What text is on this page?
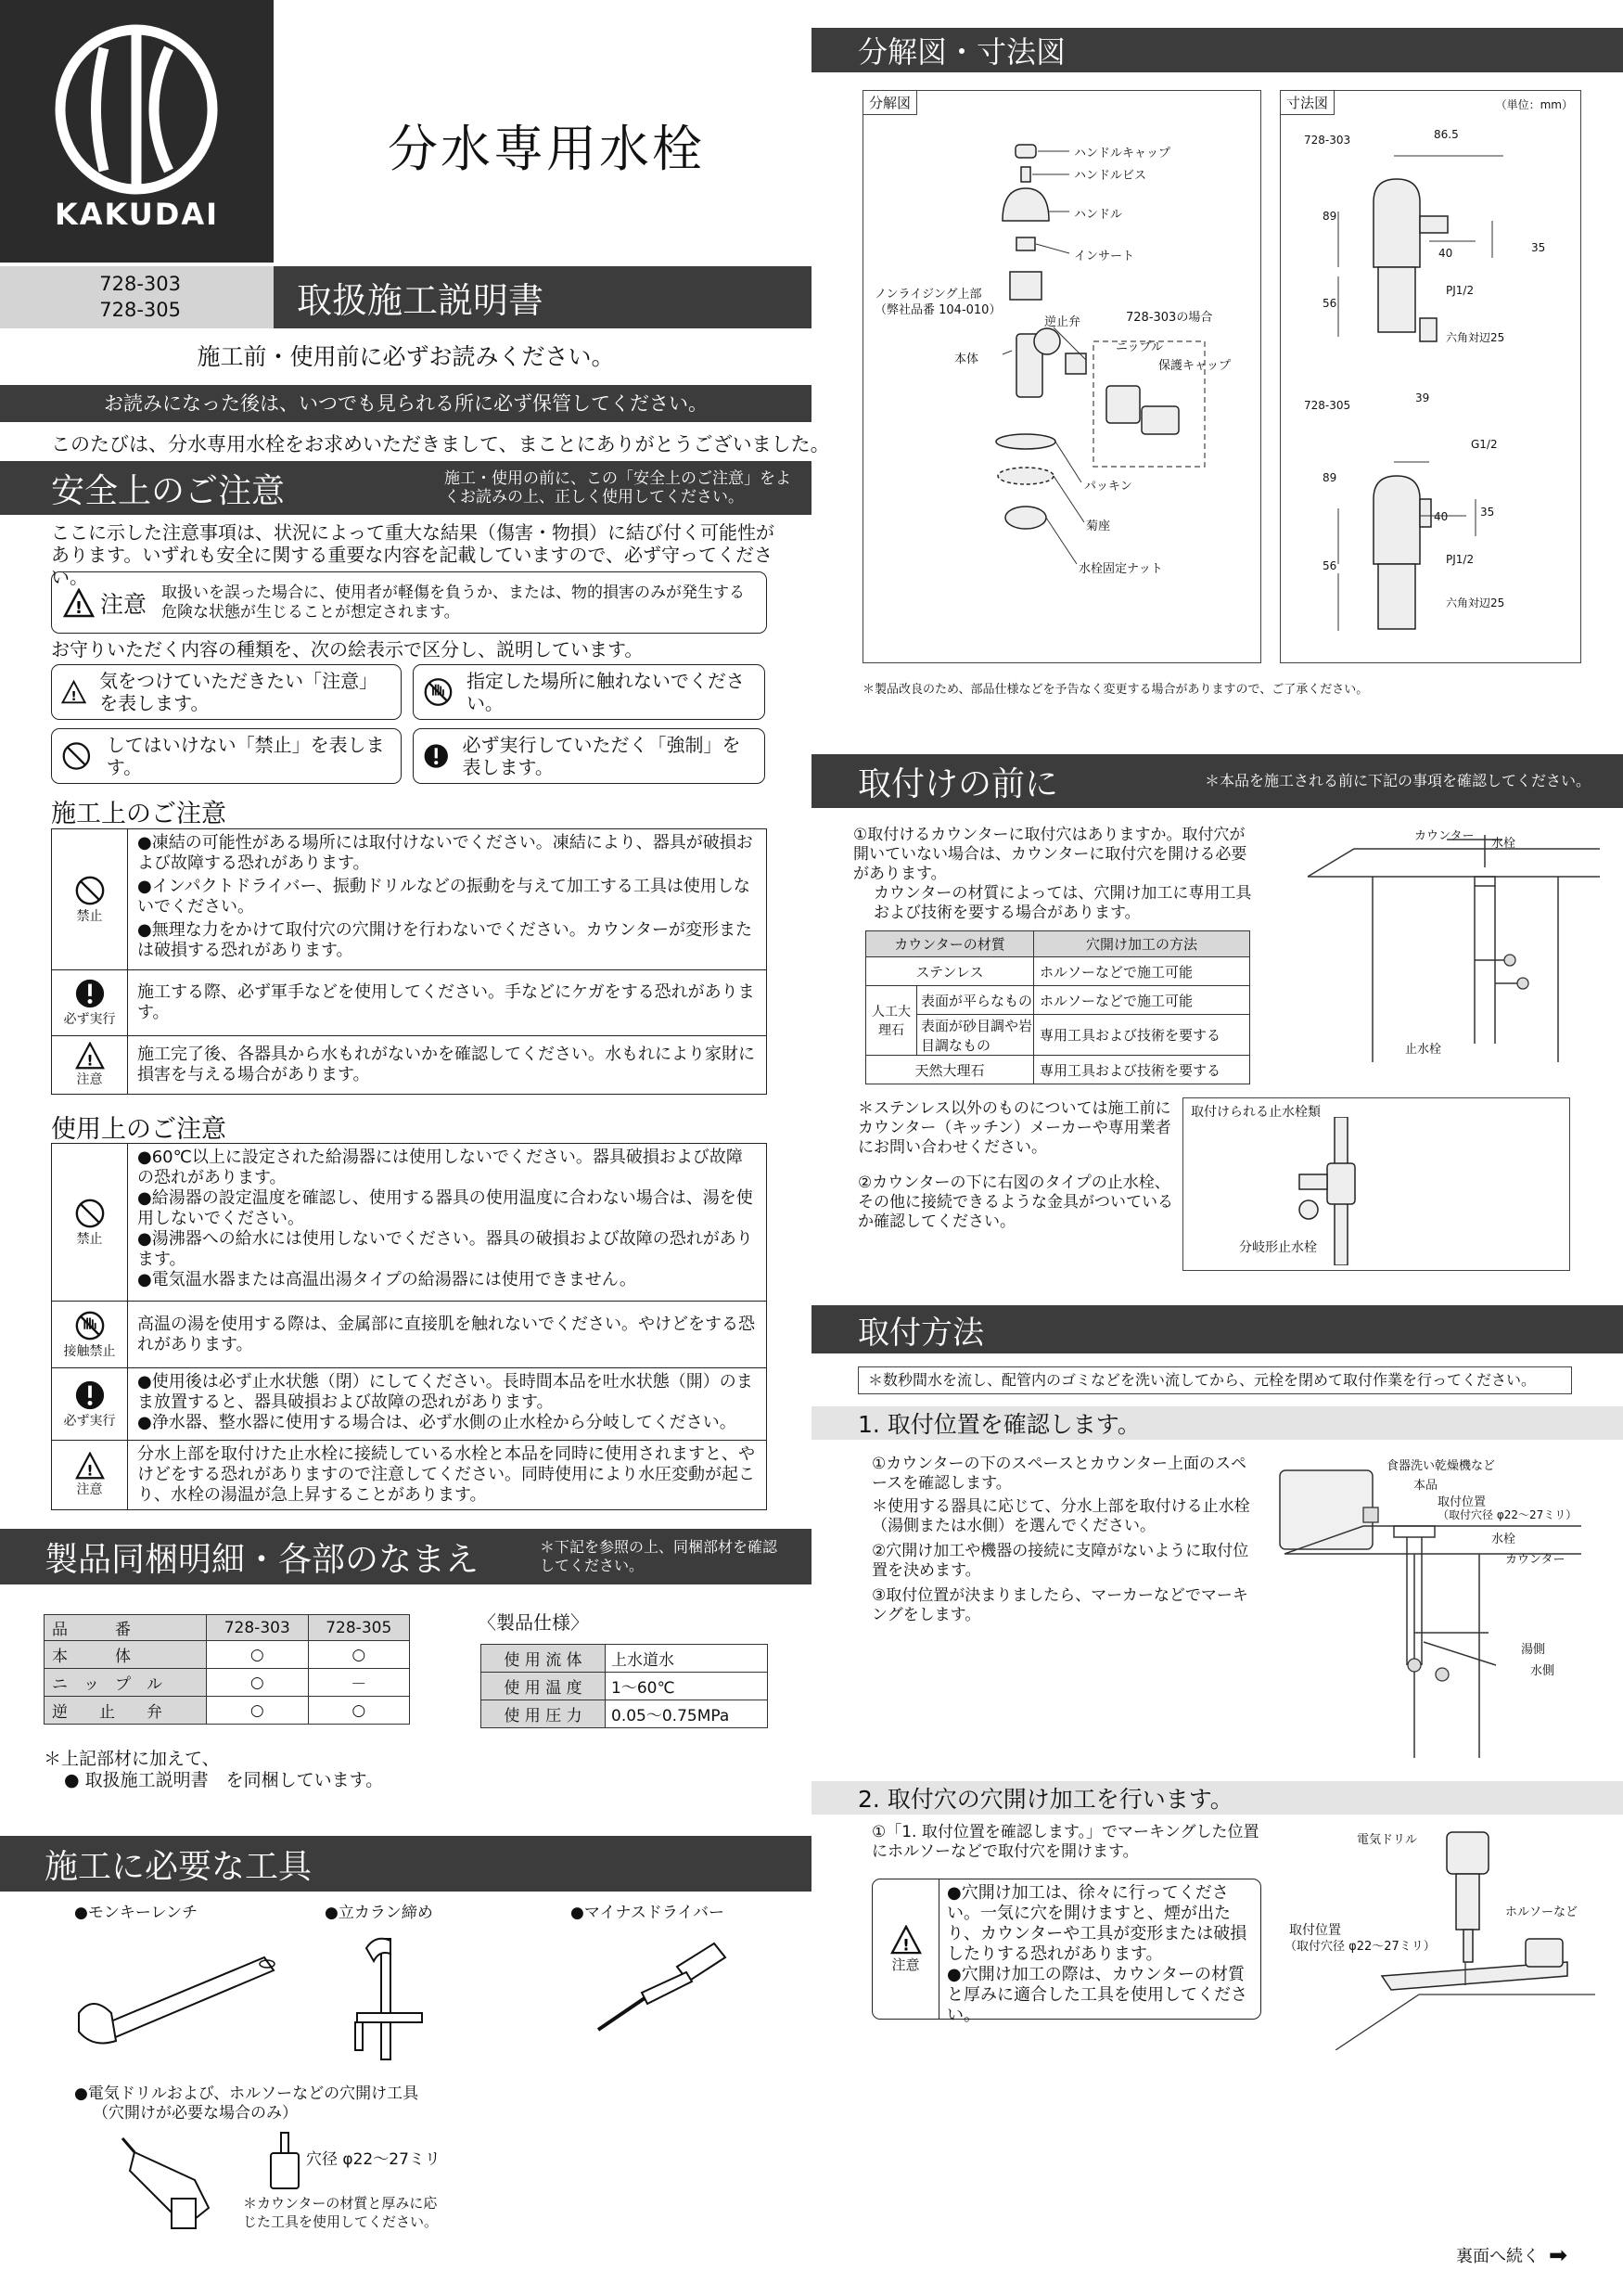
KAKUDAI
分水専用水栓
728-303
728-305	取扱施工説明書
施工前・使用前に必ずお読みください。
お読みになった後は、いつでも見られる所に必ず保管してください。
このたびは、分水専用水栓をお求めいただきまして、まことにありがとうございました。
安全上のご注意	施工・使用の前に、この「安全上のご注意」をよくお読みの上、正しく使用してください。
ここに示した注意事項は、状況によって重大な結果（傷害・物損）に結び付く可能性があります。いずれも安全に関する重要な内容を記載していますので、必ず守ってください。
! 注意 取扱いを誤った場合に、使用者が軽傷を負うか、または、物的損害のみが発生する危険な状態が生じることが想定されます。
お守りいただく内容の種類を、次の絵表示で区分し、説明しています。
!
気をつけていただきたい「注意」を表します。
指定した場所に触れないでください。
してはいけない「禁止」を表します。
必ず実行していただく「強制」を表します。
施工上のご注意
禁止
●凍結の可能性がある場所には取付けないでください。凍結により、器具が破損および故障する恐れがあります。
●インパクトドライバー、振動ドリルなどの振動を与えて加工する工具は使用しないでください。
●無理な力をかけて取付穴の穴開けを行わないでください。カウンターが変形または破損する恐れがあります。
必ず実行
施工する際、必ず軍手などを使用してください。手などにケガをする恐れがあります。
!
注意
施工完了後、各器具から水もれがないかを確認してください。水もれにより家財に損害を与える場合があります。
使用上のご注意
禁止
●60℃以上に設定された給湯器には使用しないでください。器具破損および故障の恐れがあります。
●給湯器の設定温度を確認し、使用する器具の使用温度に合わない場合は、湯を使用しないでください。
●湯沸器への給水には使用しないでください。器具の破損および故障の恐れがあります。
●電気温水器または高温出湯タイプの給湯器には使用できません。
接触禁止
高温の湯を使用する際は、金属部に直接肌を触れないでください。やけどをする恐れがあります。
必ず実行
●使用後は必ず止水状態（閉）にしてください。長時間本品を吐水状態（開）のまま放置すると、器具破損および故障の恐れがあります。
●浄水器、整水器に使用する場合は、必ず水側の止水栓から分岐してください。
!
注意
分水上部を取付けた止水栓に接続している水栓と本品を同時に使用されますと、やけどをする恐れがありますので注意してください。同時使用により水圧変動が起こり、水栓の湯温が急上昇することがあります。
製品同梱明細・各部のなまえ	＊下記を参照の上、同梱部材を確認してください。
品　　　番	728-303	728-305
本　　　体	○	○
ニ　ッ　プ　ル	○	－
逆　　止　　弁	○	○
〈製品仕様〉
使 用 流 体	上水道水
使 用 温 度	1～60℃
使 用 圧 力	0.05～0.75MPa
＊上記部材に加えて、
● 取扱施工説明書　を同梱しています。
施工に必要な工具
●モンキーレンチ	●立カラン締め	●マイナスドライバー
●電気ドリルおよび、ホルソーなどの穴開け工具
（穴開けが必要な場合のみ）
穴径 φ22～27ミリ
＊カウンターの材質と厚みに応じた工具を使用してください。
分解図・寸法図
分解図
ハンドルキャップ
ハンドルビス
ハンドル
インサート
ノンライジング上部
（弊社品番 104-010）
逆止弁
本体
728-303の場合
ニップル
保護キャップ
パッキン
菊座
水栓固定ナット
寸法図	（単位：mm）
728-303	86.5
89
40	35
56
PJ1/2
六角対辺25
728-305
39
G1/2
89
40	35
56	PJ1/2
六角対辺25
＊製品改良のため、部品仕様などを予告なく変更する場合がありますので、ご了承ください。
取付けの前に	＊本品を施工される前に下記の事項を確認してください。
①取付けるカウンターに取付穴はありますか。取付穴が開いていない場合は、カウンターに取付穴を開ける必要があります。
カウンターの材質によっては、穴開け加工に専用工具および技術を要する場合があります。
カウンターの材質		穴開け加工の方法
ステンレス		ホルソーなどで施工可能
人工大理石	表面が平らなもの	ホルソーなどで施工可能
	表面が砂目調や岩目調なもの	専用工具および技術を要する
天然大理石		専用工具および技術を要する
＊ステンレス以外のものについては施工前にカウンター（キッチン）メーカーや専用業者にお問い合わせください。
②カウンターの下に右図のタイプの止水栓、その他に接続できるような金具がついているか確認してください。
カウンター
水栓
止水栓
取付けられる止水栓類
分岐形止水栓
取付方法
＊数秒間水を流し、配管内のゴミなどを洗い流してから、元栓を閉めて取付作業を行ってください。
1. 取付位置を確認します。
①カウンターの下のスペースとカウンター上面のスペースを確認します。
＊使用する器具に応じて、分水上部を取付ける止水栓（湯側または水側）を選んでください。
②穴開け加工や機器の接続に支障がないように取付位置を決めます。
③取付位置が決まりましたら、マーカーなどでマーキングをします。
食器洗い乾燥機など
本品
取付位置
（取付穴径 φ22～27ミリ）
水栓
カウンター
湯側
水側
2. 取付穴の穴開け加工を行います。
①「1. 取付位置を確認します。」でマーキングした位置にホルソーなどで取付穴を開けます。
!
注意
●穴開け加工は、徐々に行ってください。一気に穴を開けますと、煙が出たり、カウンターや工具が変形または破損したりする恐れがあります。
●穴開け加工の際は、カウンターの材質と厚みに適合した工具を使用してください。
電気ドリル
ホルソーなど
取付位置
（取付穴径 φ22～27ミリ）
裏面へ続く ➡
